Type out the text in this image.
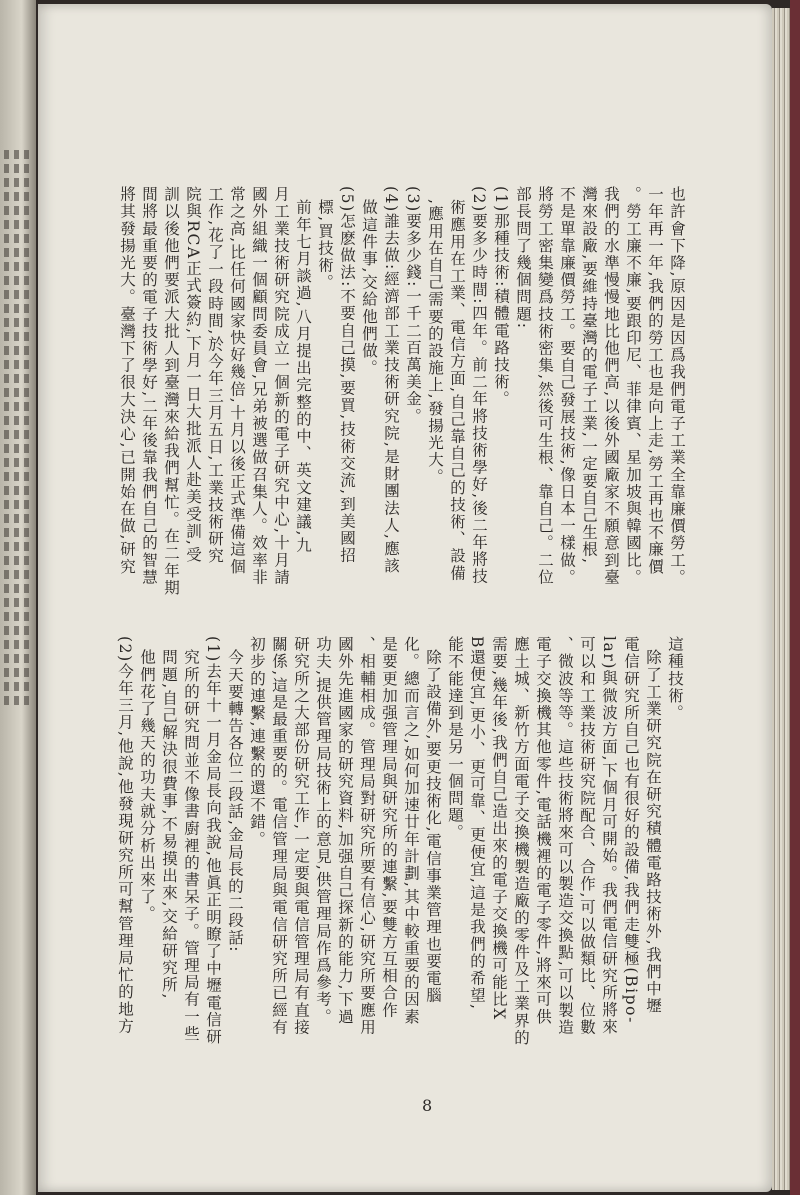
也許會下降,原因是因爲我們電子工業全靠廉價勞工。

一年再一年,我們的勞工也是向上走,勞工再也不廉價

。勞工廉不廉,要跟印尼、菲律賓、星加坡與韓國比。

我們的水準慢慢地比他們高,以後外國廠家不願意到臺

灣來設廠,要維持臺灣的電子工業,一定要自己生根,

不是單靠廉價勞工。要自己發展技術,像日本一樣做。

將勞工密集變爲技術密集,然後可生根、靠自己。二位

部長問了幾個問題:

(1)那種技術:積體電路技術。

(2)要多少時間:四年。前二年將技術學好,後二年將技

術應用在工業、電信方面,自己靠自己的技術、設備

,應用在自己需要的設施上,發揚光大。

(3)要多少錢:一千二百萬美金。

(4)誰去做:經濟部工業技術研究院,是財團法人,應該

做這件事,交給他們做。

(5)怎麽做法:不要自己摸,要買,技術交流,到美國招

標,買技術。

前年七月談過,八月提出完整的中、英文建議,九

月工業技術研究院成立一個新的電子研究中心,十月請

國外組織一個顧問委員會,兄弟被選做召集人。效率非

常之高,比任何國家快好幾倍,十月以後正式準備這個

工作,花了一段時間,於今年三月五日,工業技術研究

院與RCA正式簽約,下月一日大批派人赴美受訓,受

訓以後他們要派大批人到臺灣來給我們幫忙。在二年期

間將最重要的電子技術學好,二年後靠我們自己的智慧

將其發揚光大。臺灣下了很大決心,已開始在做,研究

這種技術。

除了工業研究院在研究積體電路技術外,我們中壢

電信研究所自己也有很好的設備,我們走雙極(Bipo-

lar)與微波方面,下個月可開始。我們電信研究所將來

可以和工業技術研究院配合、合作,可以做類比、位數

、微波等等。這些技術將來可以製造交換點,可以製造

電子交換機其他零件,電話機裡的電子零件,將來可供

應土城、新竹方面電子交換機製造廠的零件及工業界的

需要,幾年後,我們自己造出來的電子交換機可能比X

B還便宜,更小、更可靠、更便宜,這是我們的希望,

能不能達到是另一個問題。

除了設備外,要更技術化,電信事業管理也要電腦

化。總而言之,如何加速廿年計劃,其中較重要的因素

是要更加强管理局與研究所的連繫,要雙方互相合作

、相輔相成。管理局對研究所要有信心,研究所要應用

國外先進國家的研究資料,加强自己探新的能力,下過

功夫,提供管理局技術上的意見,供管理局作爲參考。

研究所之大部份研究工作,一定要與電信管理局有直接

關係,這是最重要的。電信管理局與電信研究所已經有

初步的連繫,連繫的還不錯。

今天要轉告各位二段話,金局長的二段話:

(1)去年十一月金局長向我說,他眞正明瞭了中壢電信研

究所的研究問並不像書廚裡的書呆子。管理局有一些

問題,自己解決很費事,不易摸出來,交給研究所,

他們花了幾天的功夫就分析出來了。

(2)今年三月,他說,他發現研究所可幫管理局忙的地方

8
